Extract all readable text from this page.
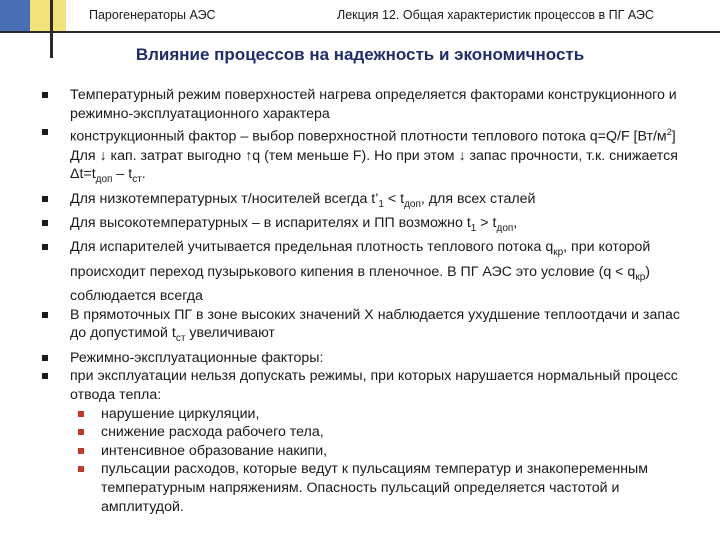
Парогенераторы АЭС	Лекция 12. Общая характеристик процессов в ПГ АЭС
Влияние процессов на надежность и экономичность
Температурный режим поверхностей нагрева определяется факторами конструкционного и режимно-эксплуатационного характера
конструкционный фактор – выбор поверхностной плотности теплового потока q=Q/F $[Вт/м^2]$ Для ↓ кап. затрат выгодно ↑q (тем меньше F). Но при этом ↓ запас прочности, т.к. снижается $\Delta t=t_{доп} - t_{ст}$.
Для низкотемпературных т/носителей всегда $t’_1 < t_{доп}$, для всех сталей
Для высокотемпературных – в испарителях и ПП возможно $t_1 > t_{доп}$,
Для испарителей учитывается предельная плотность теплового потока $q_{кр}$, при которой происходит переход пузырькового кипения в пленочное. В ПГ АЭС это условие $(q < q_{кр})$ соблюдается всегда
В прямоточных ПГ в зоне высоких значений X наблюдается ухудшение теплоотдачи и запас до допустимой $t_{ст}$ увеличивают
Режимно-эксплуатационные факторы:
при эксплуатации нельзя допускать режимы, при которых нарушается нормальный процесс отвода тепла:
нарушение циркуляции,
снижение расхода рабочего тела,
интенсивное образование накипи,
пульсации расходов, которые ведут к пульсациям температур и знакопеременным температурным напряжениям. Опасность пульсаций определяется частотой и амплитудой.
